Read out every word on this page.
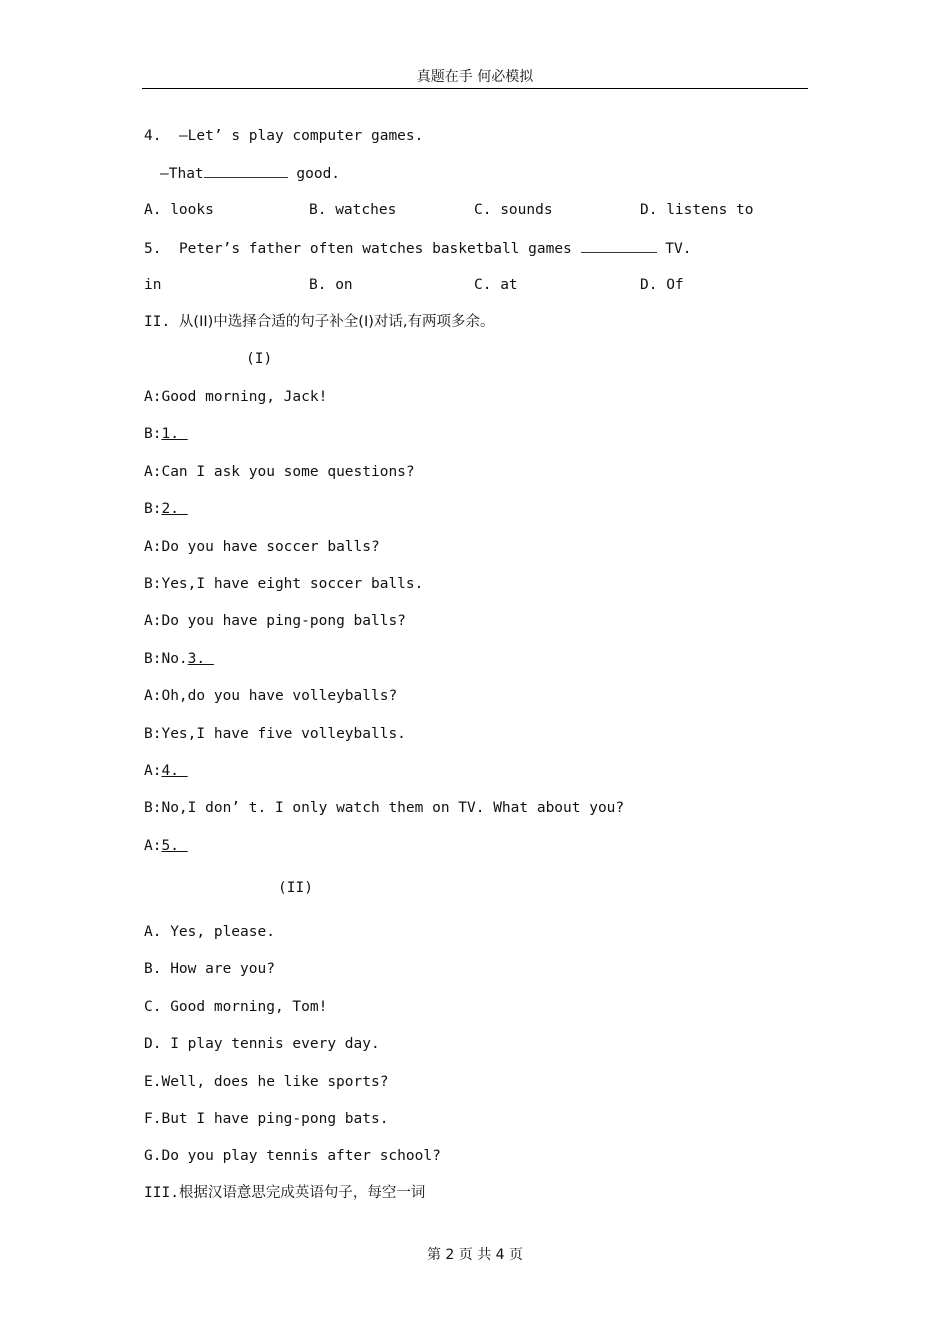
真题在手 何必模拟
4. —Let’ s play computer games.
—That	good.
A. looks	B. watches	C. sounds	D. listens to
5. Peter’s father often watches basketball games	TV.
in	B. on	C. at	D. Of
II. 从(II)中选择合适的句子补全(I)对话,有两项多余。
(I)
A:Good morning, Jack!
B:1.
A:Can I ask you some questions?
B:2.
A:Do you have soccer balls?
B:Yes,I have eight soccer balls.
A:Do you have ping-pong balls?
B:No.3.
A:Oh,do you have volleyballs?
B:Yes,I have five volleyballs.
A:4.
B:No,I don’ t. I only watch them on TV. What about you?
A:5.
(II)
A. Yes, please.
B. How are you?
C. Good morning, Tom!
D. I play tennis every day.
E.Well, does he like sports?
F.But I have ping-pong bats.
G.Do you play tennis after school?
III.根据汉语意思完成英语句子，每空一词
第 2 页 共 4 页
